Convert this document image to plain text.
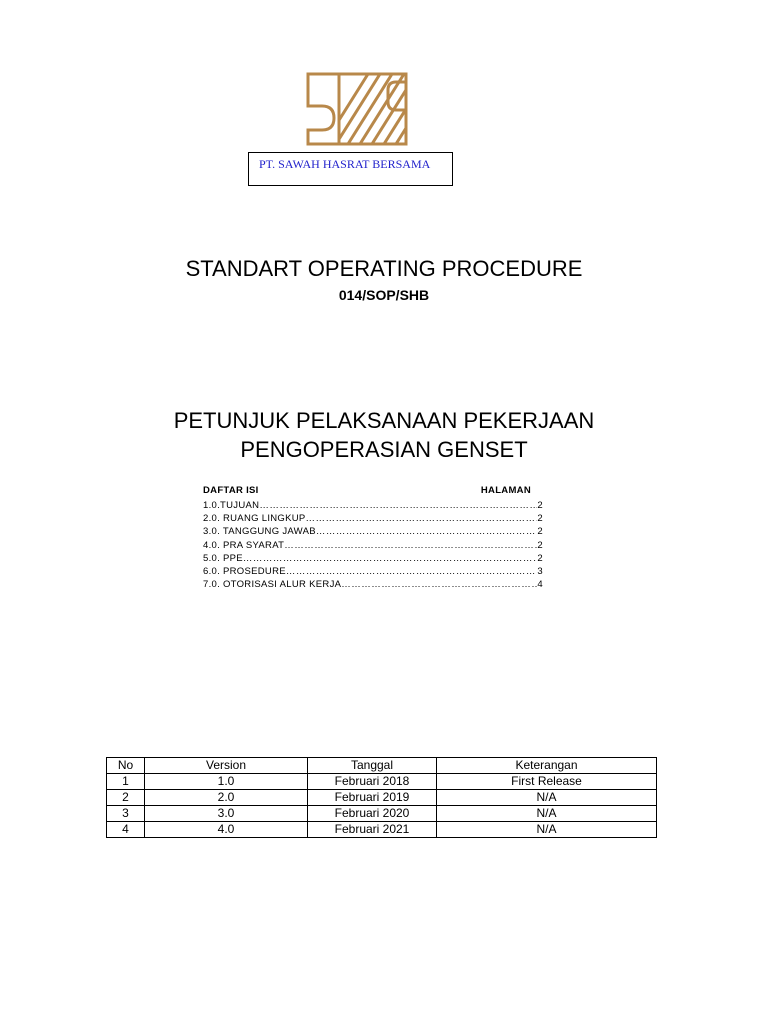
PT. SAWAH HASRAT BERSAMA
STANDART OPERATING PROCEDURE
014/SOP/SHB
PETUNJUK PELAKSANAAN PEKERJAAN
PENGOPERASIAN GENSET
DAFTAR ISI	HALAMAN
1.0.TUJUAN ……………………………………………………………………………………………………………	2
2.0. RUANG LINGKUP ……………………………………………………………………………………………………………	2
3.0. TANGGUNG JAWAB ……………………………………………………………………………………………………………	2
4.0. PRA SYARAT ……………………………………………………………………………………………………………	2
5.0. PPE ……………………………………………………………………………………………………………	2
6.0. PROSEDURE ……………………………………………………………………………………………………………	3
7.0. OTORISASI ALUR KERJA ……………………………………………………………………………………………………………	4
No	Version	Tanggal	Keterangan
1	1.0	Februari 2018	First Release
2	2.0	Februari 2019	N/A
3	3.0	Februari 2020	N/A
4	4.0	Februari 2021	N/A
